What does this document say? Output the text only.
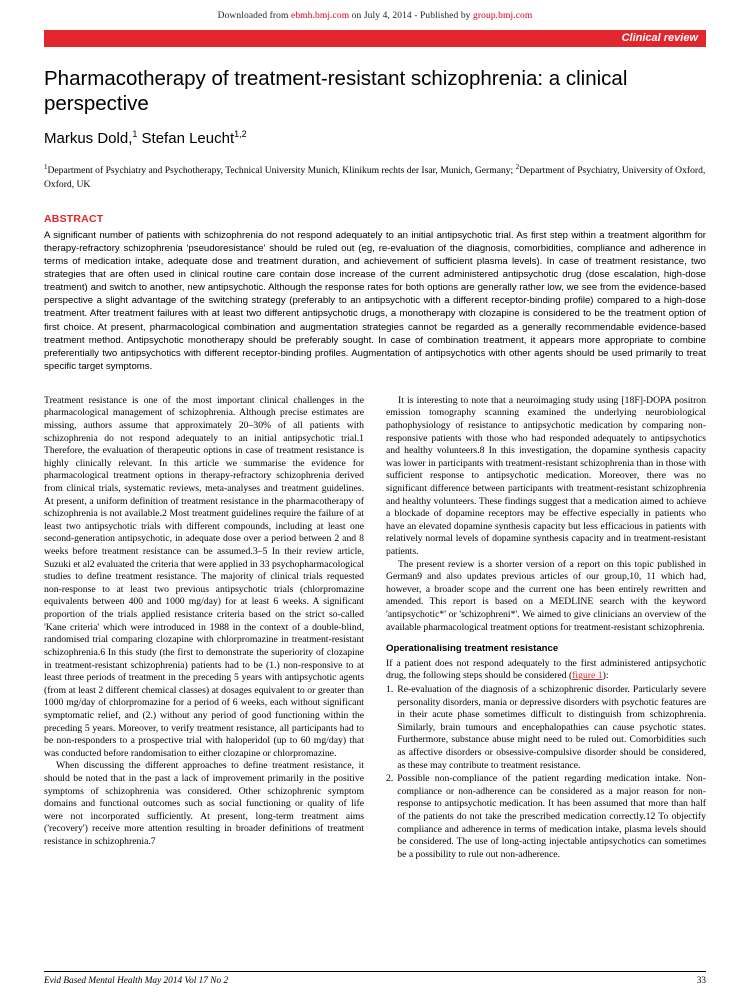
Downloaded from ebmh.bmj.com on July 4, 2014 - Published by group.bmj.com
Clinical review
Pharmacotherapy of treatment-resistant schizophrenia: a clinical perspective
Markus Dold,$^1$ Stefan Leucht$^{1,2}$
$^1$Department of Psychiatry and Psychotherapy, Technical University Munich, Klinikum rechts der Isar, Munich, Germany; $^2$Department of Psychiatry, University of Oxford, Oxford, UK
ABSTRACT
A significant number of patients with schizophrenia do not respond adequately to an initial antipsychotic trial. As first step within a treatment algorithm for therapy-refractory schizophrenia 'pseudoresistance' should be ruled out (eg, re-evaluation of the diagnosis, comorbidities, compliance and adherence in terms of medication intake, adequate dose and treatment duration, and achievement of sufficient plasma levels). In case of treatment resistance, two strategies that are often used in clinical routine care contain dose increase of the current administered antipsychotic drug (dose escalation, high-dose treatment) and switch to another, new antipsychotic. Although the response rates for both options are generally rather low, we see from the evidence-based perspective a slight advantage of the switching strategy (preferably to an antipsychotic with a different receptor-binding profile) compared to a high-dose treatment. After treatment failures with at least two different antipsychotic drugs, a monotherapy with clozapine is considered to be the treatment option of first choice. At present, pharmacological combination and augmentation strategies cannot be regarded as a generally recommendable evidence-based treatment method. Antipsychotic monotherapy should be preferably sought. In case of combination treatment, it appears more appropriate to combine preferentially two antipsychotics with different receptor-binding profiles. Augmentation of antipsychotics with other agents should be used primarily to treat specific target symptoms.

Treatment resistance is one of the most important clinical challenges in the pharmacological management of schizophrenia. Although precise estimates are missing, authors assume that approximately 20–30% of all patients with schizophrenia do not respond adequately to an initial antipsychotic trial.1 Therefore, the evaluation of therapeutic options in case of treatment resistance is highly clinically relevant. In this article we summarise the evidence for pharmacological treatment options in therapy-refractory schizophrenia derived from clinical trials, systematic reviews, meta-analyses and treatment guidelines. At present, a uniform definition of treatment resistance in the pharmacotherapy of schizophrenia is not available.2 Most treatment guidelines require the failure of at least two antipsychotic trials with different compounds, including at least one second-generation antipsychotic, in adequate dose over a period between 2 and 8 weeks before treatment resistance can be assumed.3–5 In their review article, Suzuki et al2 evaluated the criteria that were applied in 33 psychopharmacological studies to define treatment resistance. The majority of clinical trials requested non-response to at least two previous antipsychotic trials (chlorpromazine equivalents between 400 and 1000 mg/day) for at least 6 weeks. A significant proportion of the trials applied resistance criteria based on the strict so-called 'Kane criteria' which were introduced in 1988 in the context of a double-blind, randomised trial comparing clozapine with chlorpromazine in treatment-resistant schizophrenia.6 In this study (the first to demonstrate the superiority of clozapine in treatment-resistant schizophrenia) patients had to be (1.) non-responsive to at least three periods of treatment in the preceding 5 years with antipsychotic agents (from at least 2 different chemical classes) at dosages equivalent to or greater than 1000 mg/day of chlorpromazine for a period of 6 weeks, each without significant symptomatic relief, and (2.) without any period of good functioning within the preceding 5 years. Moreover, to verify treatment resistance, all participants had to be non-responders to a prospective trial with haloperidol (up to 60 mg/day) that was conducted before randomisation to either clozapine or chlorpromazine.

When discussing the different approaches to define treatment resistance, it should be noted that in the past a lack of improvement primarily in the positive symptoms of schizophrenia was considered. Other schizophrenic symptom domains and functional outcomes such as social functioning or quality of life were not incorporated sufficiently. At present, long-term treatment aims ('recovery') receive more attention resulting in broader definitions of treatment resistance in schizophrenia.7

It is interesting to note that a neuroimaging study using [18F]-DOPA positron emission tomography scanning examined the underlying neurobiological pathophysiology of resistance to antipsychotic medication by comparing non-responsive patients with those who had responded adequately to antipsychotics and healthy volunteers.8 In this investigation, the dopamine synthesis capacity was lower in participants with treatment-resistant schizophrenia than in those with sufficient response to antipsychotic medication. Moreover, there was no significant difference between participants with treatment-resistant schizophrenia and healthy volunteers. These findings suggest that a medication aimed to achieve a blockade of dopamine receptors may be effective especially in patients who have an elevated dopamine synthesis capacity but less efficacious in patients with relatively normal levels of dopamine synthesis capacity and in treatment-resistant patients.

The present review is a shorter version of a report on this topic published in German9 and also updates previous articles of our group,10, 11 which had, however, a broader scope and the current one has been entirely rewritten and amended. This report is based on a MEDLINE search with the keyword 'antipsychotic*' or 'schizophreni*'. We aimed to give clinicians an overview of the available pharmacological treatment options for treatment-resistant schizophrenia.

Operationalising treatment resistance

If a patient does not respond adequately to the first administered antipsychotic drug, the following steps should be considered (figure 1):

1. Re-evaluation of the diagnosis of a schizophrenic disorder. Particularly severe personality disorders, mania or depressive disorders with psychotic features are in their acute phase sometimes difficult to distinguish from schizophrenia. Similarly, brain tumours and encephalopathies can cause psychotic states. Furthermore, substance abuse might need to be ruled out. Comorbidities such as affective disorders or obsessive-compulsive disorder should be considered, as these may contribute to treatment resistance.
2. Possible non-compliance of the patient regarding medication intake. Non-compliance or non-adherence can be considered as a major reason for non-response to antipsychotic medication. It has been assumed that more than half of the patients do not take the prescribed medication correctly.12 To objectify compliance and adherence in terms of medication intake, plasma levels should be considered. The use of long-acting injectable antipsychotics can sometimes be a possibility to rule out non-adherence.
Evid Based Mental Health May 2014 Vol 17 No 2	33
